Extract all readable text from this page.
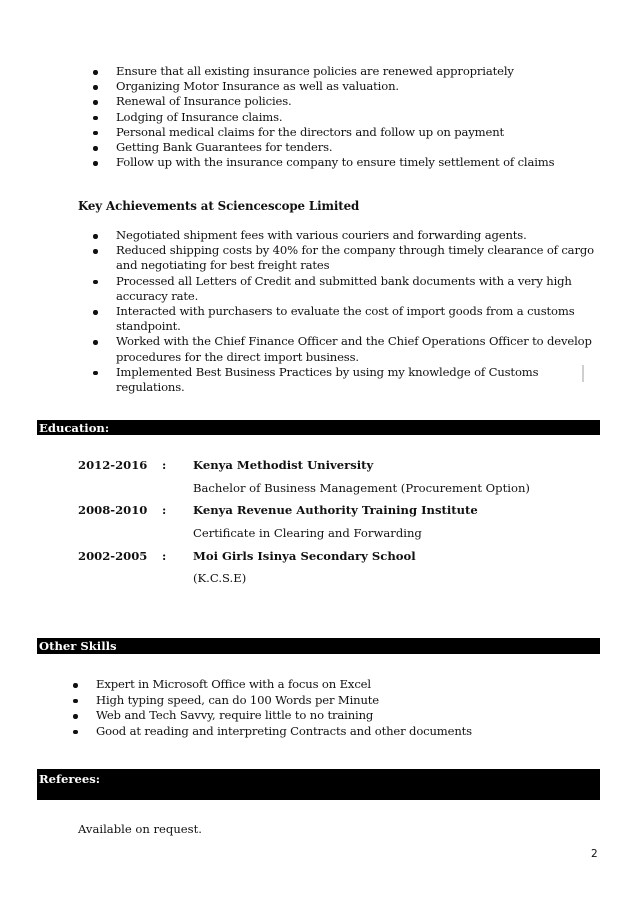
Ensure that all existing insurance policies are renewed appropriately
Organizing Motor Insurance as well as valuation.
Renewal of Insurance policies.
Lodging of Insurance claims.
Personal medical claims for the directors and follow up on payment
Getting Bank Guarantees for tenders.
Follow up with the insurance company to ensure timely settlement of claims
Key Achievements at Sciencescope Limited
Negotiated shipment fees with various couriers and forwarding agents.
Reduced shipping costs by 40% for the company through timely clearance of cargo and negotiating for best freight rates
Processed all Letters of Credit and submitted bank documents with a very high accuracy rate.
Interacted with purchasers to evaluate the cost of import goods from a customs standpoint.
Worked with the Chief Finance Officer and the Chief Operations Officer to develop procedures for the direct import business.
Implemented Best Business Practices by using my knowledge of Customs regulations.
Education:
2012-2016 : Kenya Methodist University
Bachelor of Business Management (Procurement Option)
2008-2010 : Kenya Revenue Authority Training Institute
Certificate in Clearing and Forwarding
2002-2005 : Moi Girls Isinya Secondary School
(K.C.S.E)
Other Skills
Expert in Microsoft Office with a focus on Excel
High typing speed, can do 100 Words per Minute
Web and Tech Savvy, require little to no training
Good at reading and interpreting Contracts and other documents
Referees:
Available on request.
2
